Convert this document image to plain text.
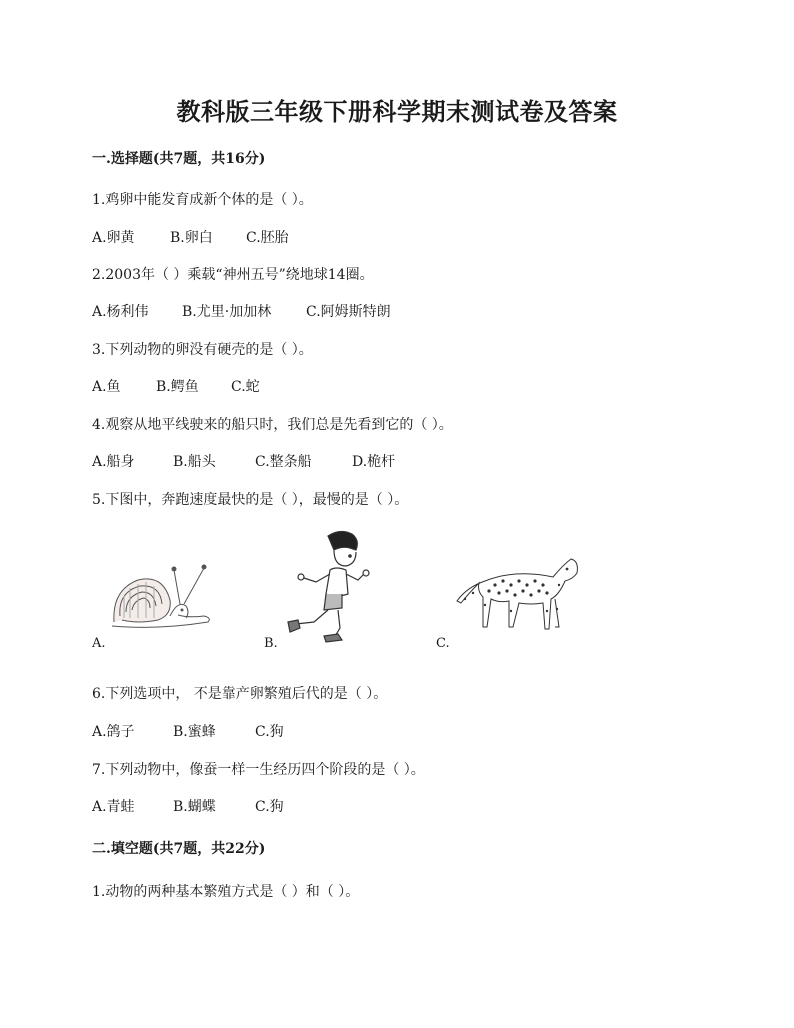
教科版三年级下册科学期末测试卷及答案
一.选择题(共7题，共16分)
1.鸡卵中能发育成新个体的是（ ）。
A.卵黄	B.卵白 C.胚胎
2.2003年（ ）乘载“神州五号”绕地球14圈。
A.杨利伟 B.尤里·加加林 C.阿姆斯特朗
3.下列动物的卵没有硬壳的是（ ）。
A.鱼	B.鳄鱼 C.蛇
4.观察从地平线驶来的船只时，我们总是先看到它的（ ）。
A.船身	B.船头	C.整条船	D.桅杆
5.下图中，奔跑速度最快的是（ ），最慢的是（ ）。
A.	B.	C.
6.下列选项中， 不是靠产卵繁殖后代的是（ ）。
A.鸽子	B.蜜蜂	C.狗
7.下列动物中，像蚕一样一生经历四个阶段的是（ ）。
A.青蛙	B.蝴蝶	C.狗
二.填空题(共7题，共22分)
1.动物的两种基本繁殖方式是（ ）和（ ）。
